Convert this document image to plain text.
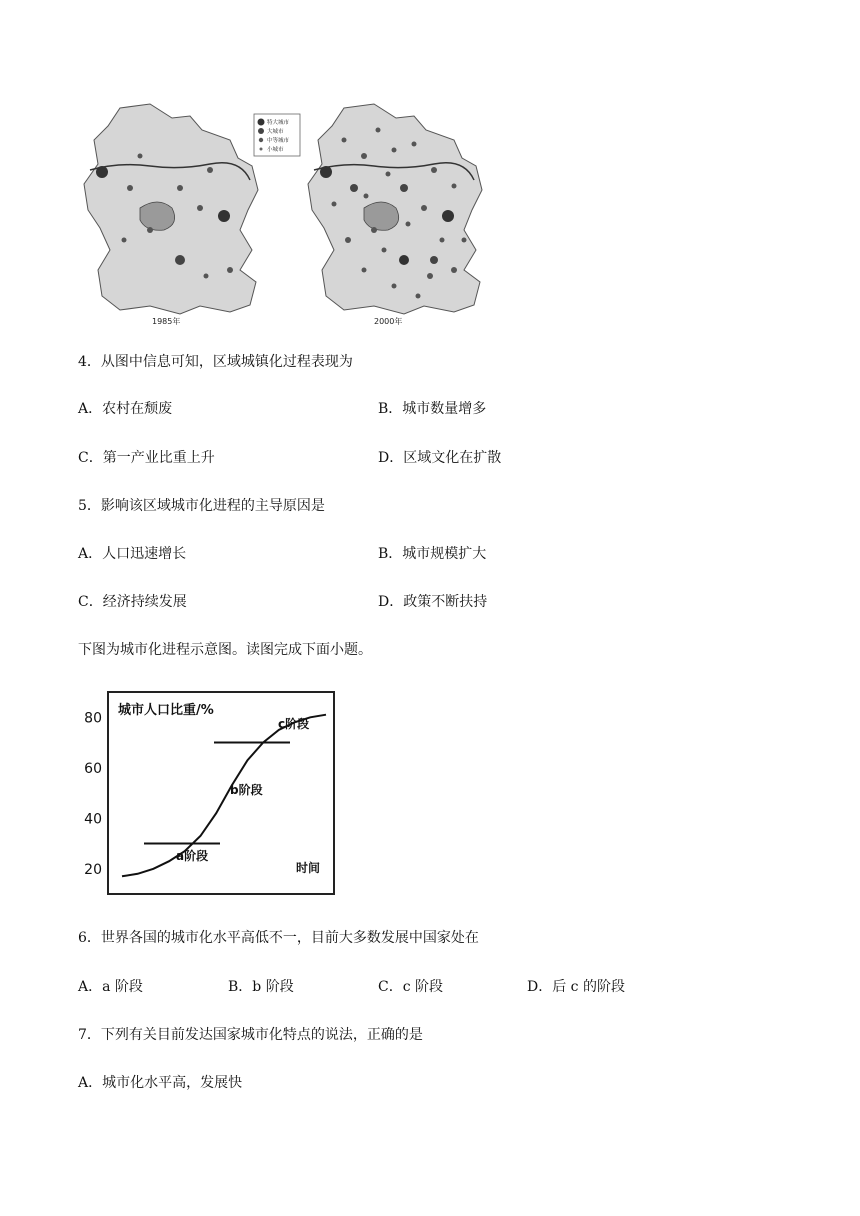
1985年
特大城市
大城市
中等城市
小城市
2000年
4．从图中信息可知，区域城镇化过程表现为
A．农村在颓废	B．城市数量增多
C．第一产业比重上升	D．区域文化在扩散
5．影响该区域城市化进程的主导原因是
A．人口迅速增长	B．城市规模扩大
C．经济持续发展	D．政策不断扶持
下图为城市化进程示意图。读图完成下面小题。
城市人口比重/%
时间
20
40
60
80
a阶段
b阶段
c阶段
6．世界各国的城市化水平高低不一，目前大多数发展中国家处在
A．a 阶段	B．b 阶段	C．c 阶段	D．后 c 的阶段
7．下列有关目前发达国家城市化特点的说法，正确的是
A．城市化水平高，发展快
